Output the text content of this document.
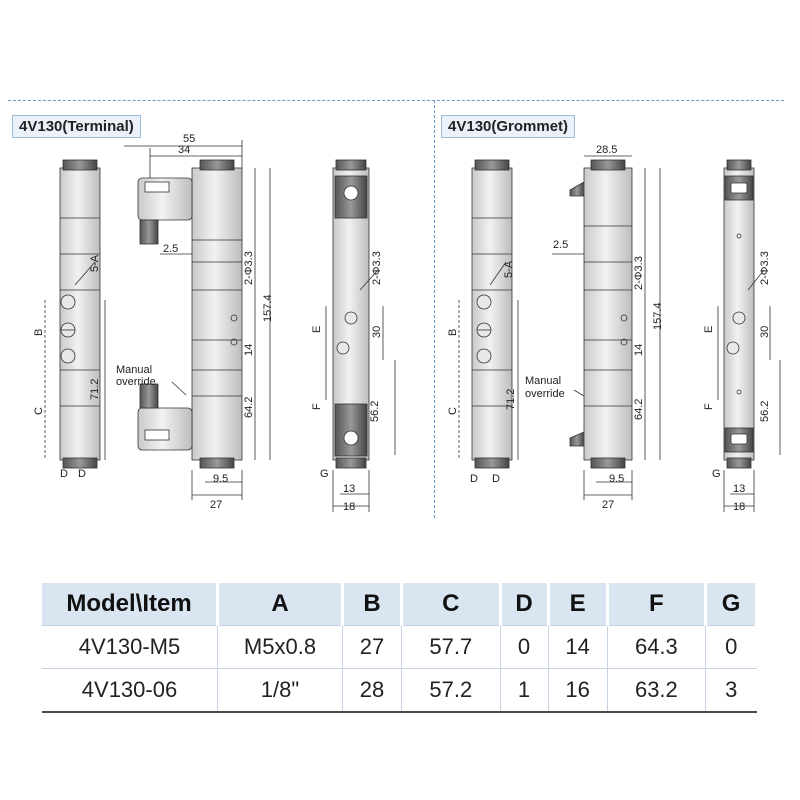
4V130(Terminal)	4V130(Grommet)
55
34
2.5
5-A
B
C
71.2
D D
2-Φ3.3
157.4
14
64.2
9.5
27
Manual
override
E
F
G
2-Φ3.3
30
56.2
13
18
28.5
2.5
5-A
B
C
71.2
D D
2-Φ3.3
157.4
14
64.2
9.5
27
Manual
override
E
F
G
2-Φ3.3
30
56.2
13
18
Model\Item	A	B	C	D	E	F	G
4V130-M5	M5x0.8	27	57.7	0	14	64.3	0
4V130-06	1/8"	28	57.2	1	16	63.2	3
